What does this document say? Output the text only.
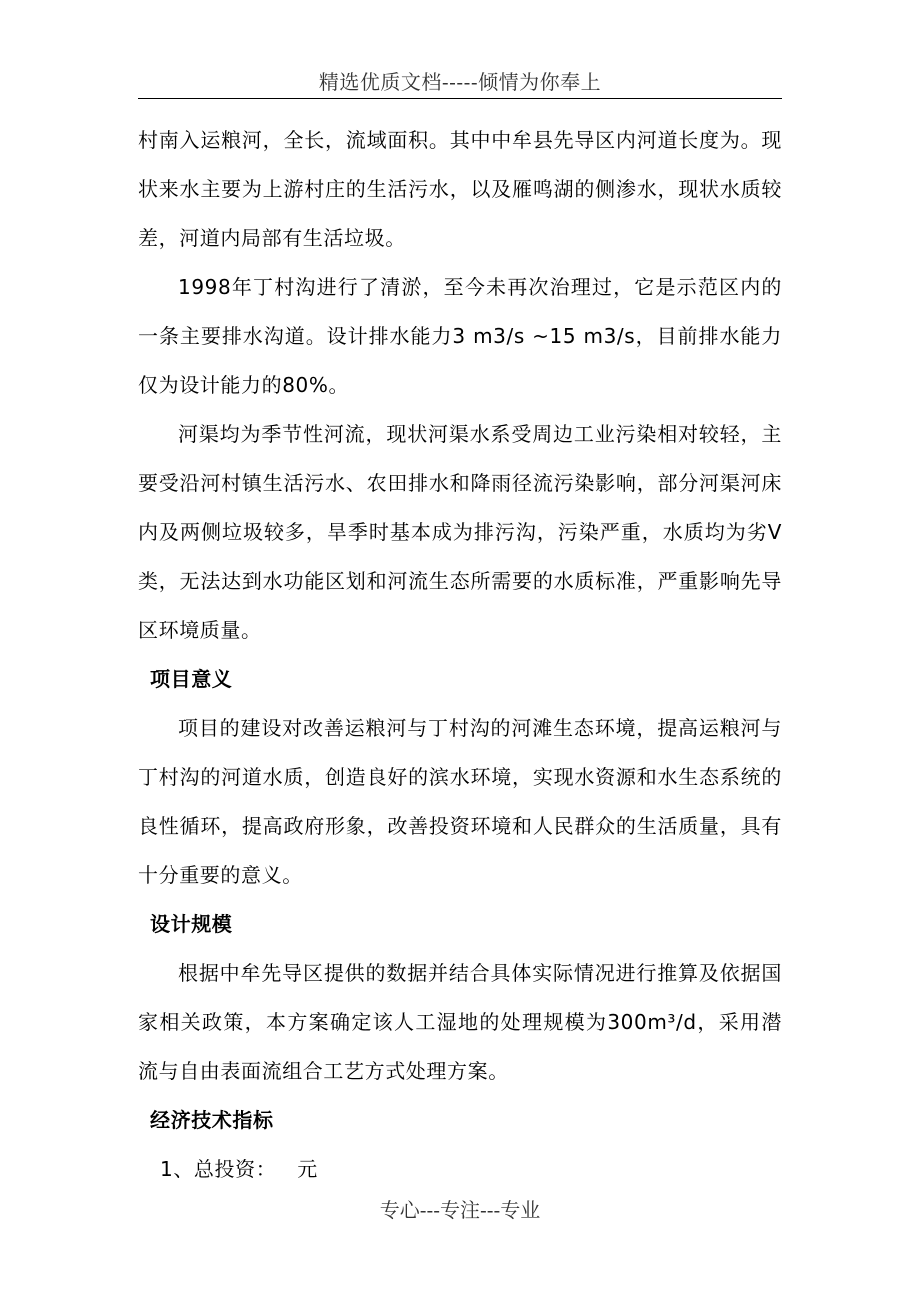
精选优质文档-----倾情为你奉上

村南入运粮河，全长，流域面积。其中中牟县先导区内河道长度为。现状来水主要为上游村庄的生活污水，以及雁鸣湖的侧渗水，现状水质较差，河道内局部有生活垃圾。

1998年丁村沟进行了清淤，至今未再次治理过，它是示范区内的一条主要排水沟道。设计排水能力3 m3/s ~15 m3/s，目前排水能力仅为设计能力的80%。

河渠均为季节性河流，现状河渠水系受周边工业污染相对较轻，主要受沿河村镇生活污水、农田排水和降雨径流污染影响，部分河渠河床内及两侧垃圾较多，旱季时基本成为排污沟，污染严重，水质均为劣V类，无法达到水功能区划和河流生态所需要的水质标准，严重影响先导区环境质量。

项目意义

项目的建设对改善运粮河与丁村沟的河滩生态环境，提高运粮河与丁村沟的河道水质，创造良好的滨水环境，实现水资源和水生态系统的良性循环，提高政府形象，改善投资环境和人民群众的生活质量，具有十分重要的意义。

设计规模

根据中牟先导区提供的数据并结合具体实际情况进行推算及依据国家相关政策，本方案确定该人工湿地的处理规模为300m³/d，采用潜流与自由表面流组合工艺方式处理方案。

经济技术指标

1、总投资：   元

专心---专注---专业
